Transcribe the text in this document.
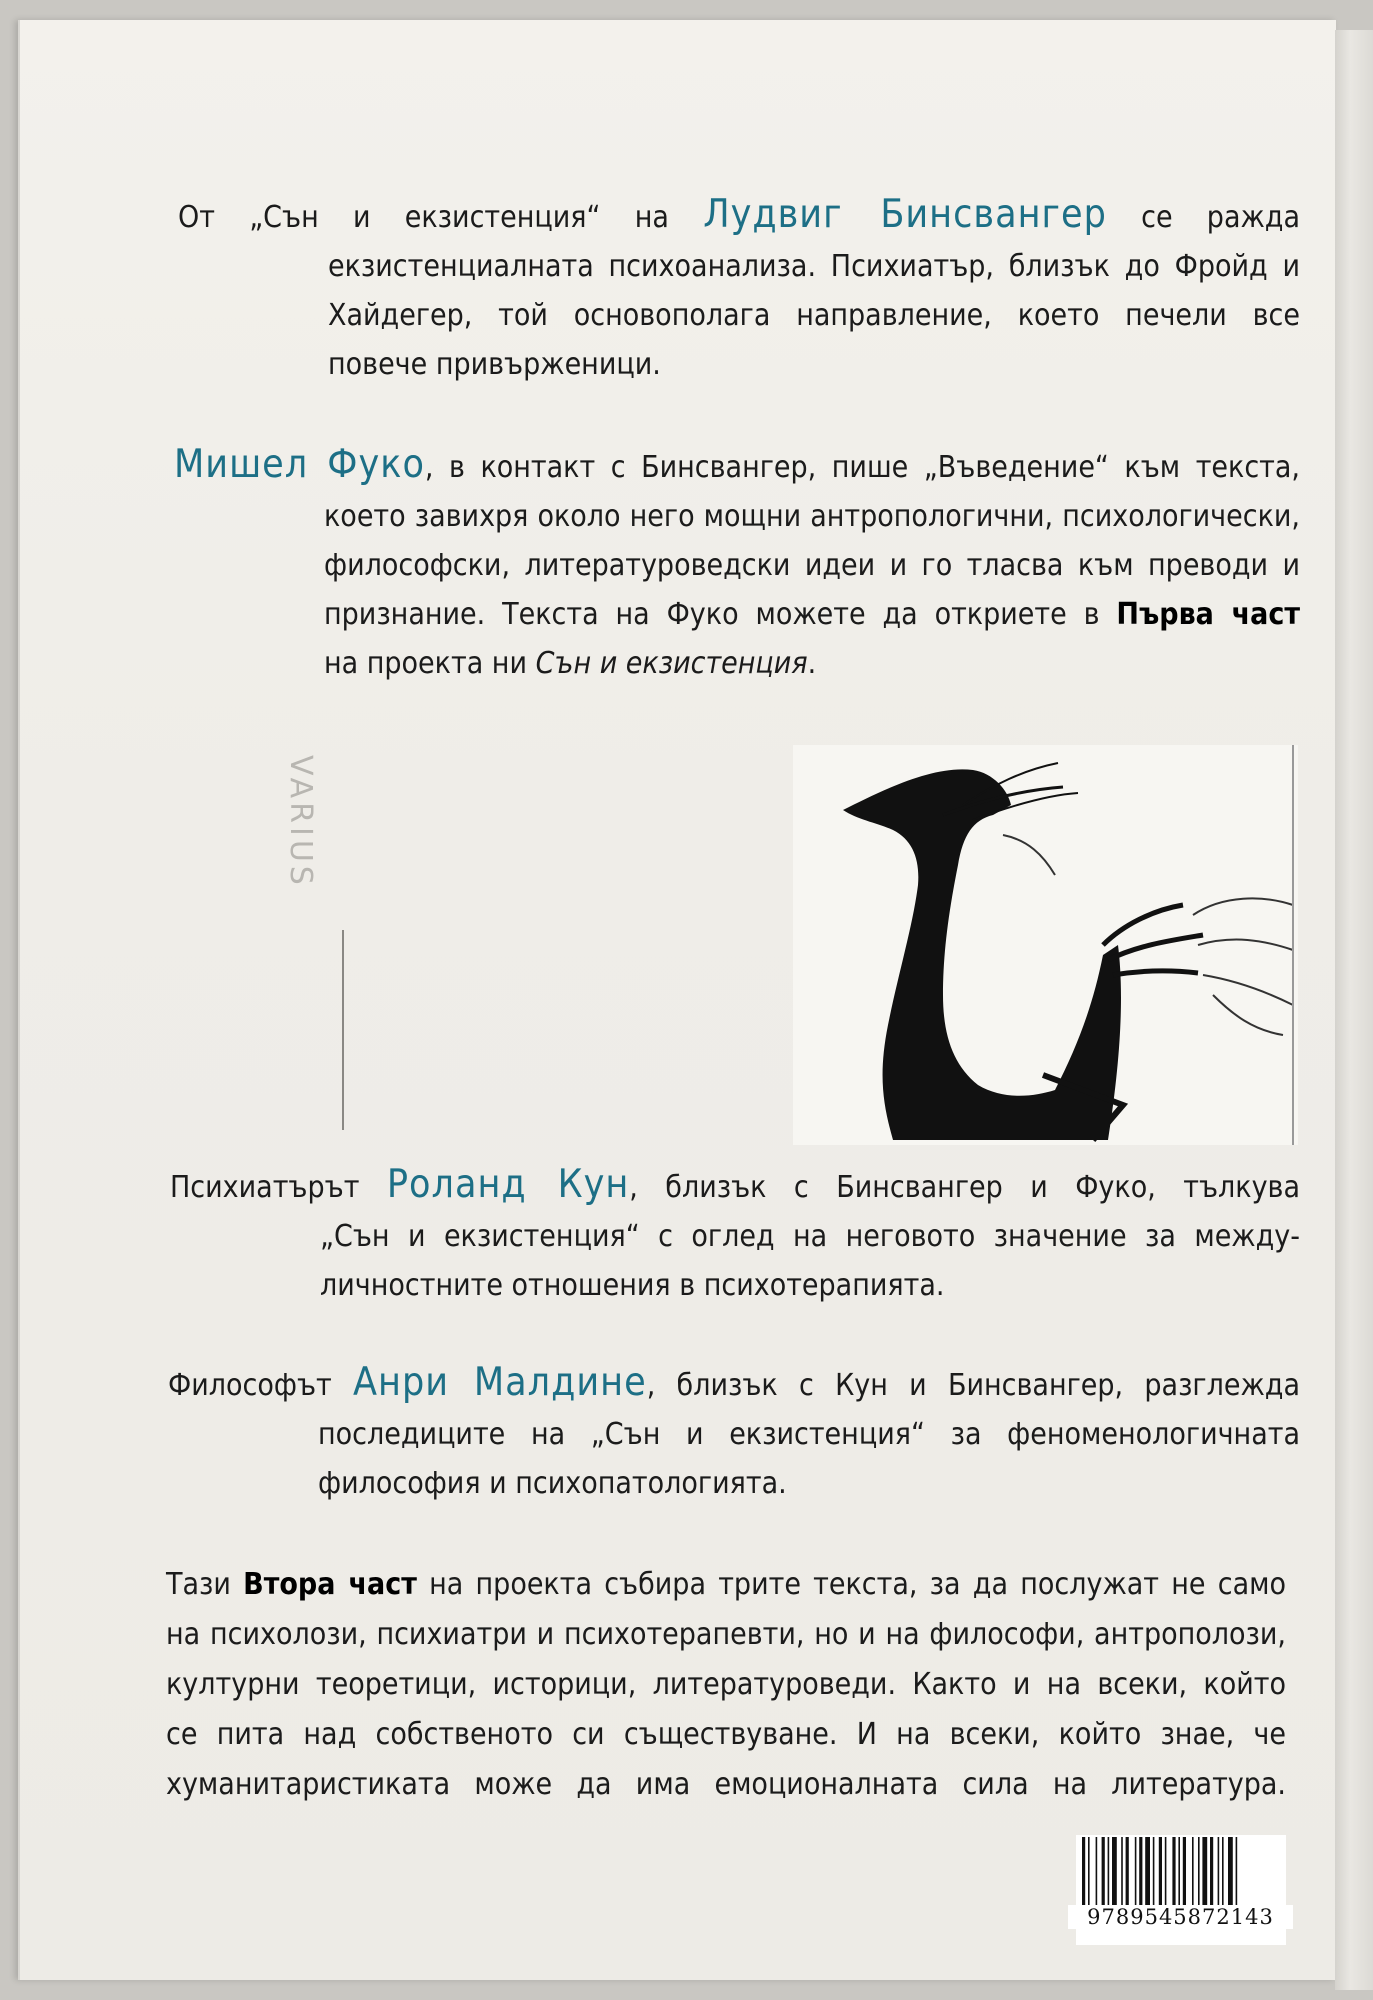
От „Сън и екзистенция“ на Лудвиг Бинсвангер се ражда
екзистенциалната психоанализа. Психиатър, близък до Фройд и
Хайдегер, той основополага направление, което печели все
повече привърженици.
Мишел Фуко, в контакт с Бинсвангер, пише „Въведение“ към текста,
което завихря около него мощни антропологични, психологически,
философски, литературоведски идеи и го тласва към преводи и
признание. Текста на Фуко можете да откриете в Първа част
на проекта ни Сън и екзистенция.
VARIUS
Психиатърът Роланд Кун, близък с Бинсвангер и Фуко, тълкува
„Сън и екзистенция“ с оглед на неговото значение за между-
личностните отношения в психотерапията.
Философът Анри Малдине, близък с Кун и Бинсвангер, разглежда
последиците на „Сън и екзистенция“ за феноменологичната
философия и психопатологията.
Тази Втора част на проекта събира трите текста, за да послужат не само
на психолози, психиатри и психотерапевти, но и на философи, антрополози,
културни теоретици, историци, литературоведи. Както и на всеки, който
се пита над собственото си съществуване. И на всеки, който знае, че
хуманитаристиката може да има емоционалната сила на литература.
9789545872143
